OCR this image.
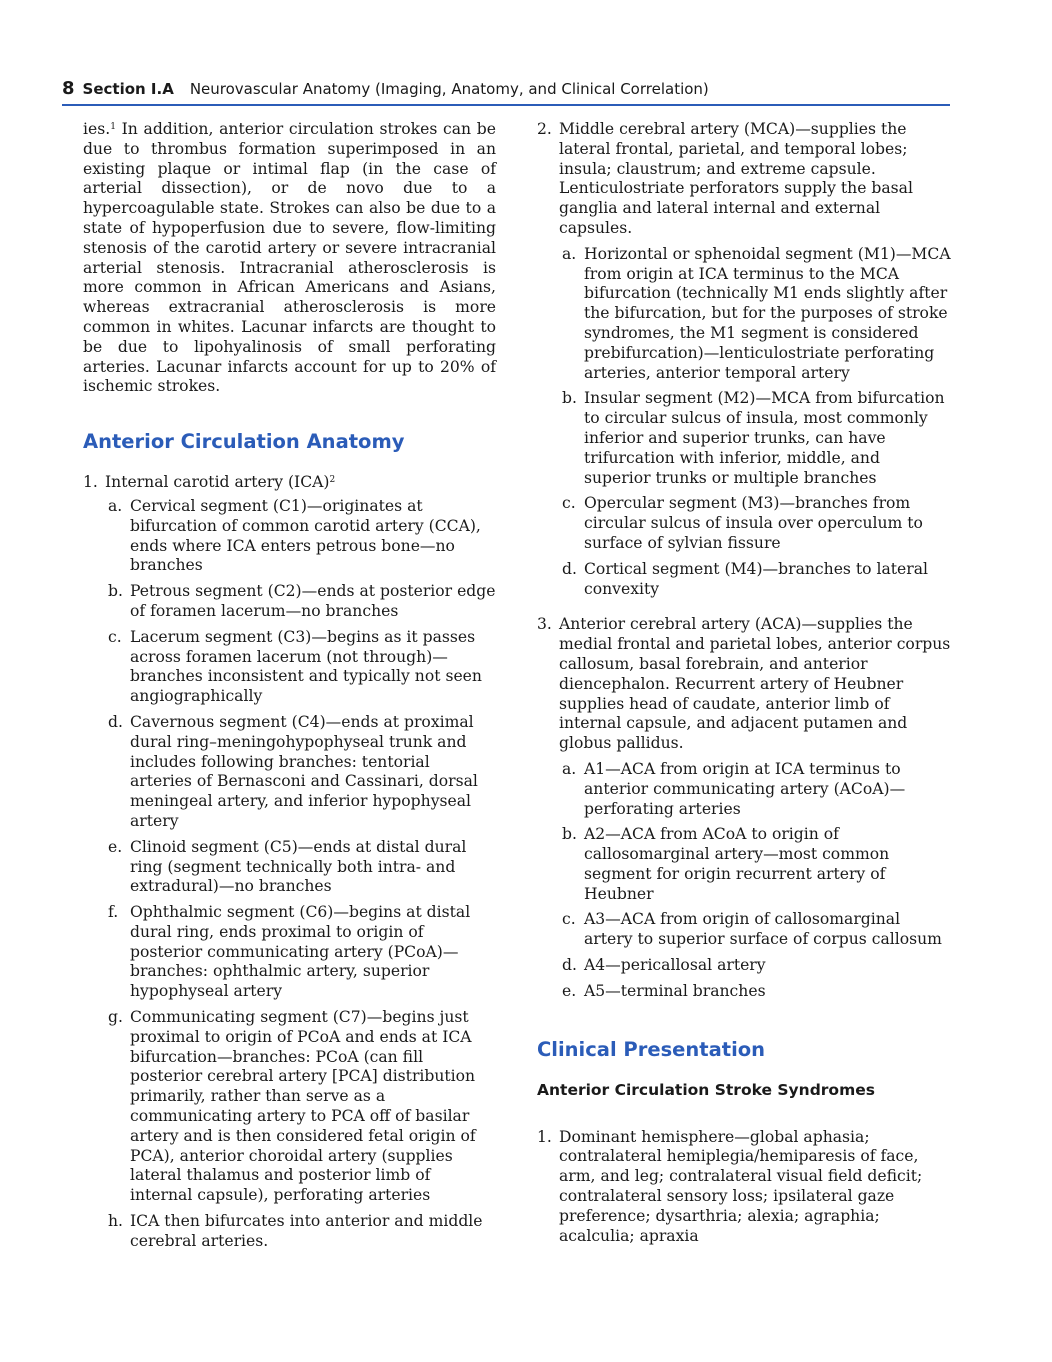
8 Section I.A Neurovascular Anatomy (Imaging, Anatomy, and Clinical Correlation)

ies.$^1$ In addition, anterior circulation strokes can be due to thrombus formation superimposed in an existing plaque or intimal flap (in the case of arterial dissection), or de novo due to a hypercoagulable state. Strokes can also be due to a state of hypoperfusion due to severe, flow-limiting stenosis of the carotid artery or severe intracranial arterial stenosis. Intracranial atherosclerosis is more common in African Americans and Asians, whereas extracranial atherosclerosis is more common in whites. Lacunar infarcts are thought to be due to lipohyalinosis of small perforating arteries. Lacunar infarcts account for up to 20% of ischemic strokes.

Anterior Circulation Anatomy
1. Internal carotid artery (ICA)$^2$
a. Cervical segment (C1)—originates at bifurcation of common carotid artery (CCA), ends where ICA enters petrous bone—no branches
b. Petrous segment (C2)—ends at posterior edge of foramen lacerum—no branches
c. Lacerum segment (C3)—begins as it passes across foramen lacerum (not through)—branches inconsistent and typically not seen angiographically
d. Cavernous segment (C4)—ends at proximal dural ring–meningohypophyseal trunk and includes following branches: tentorial arteries of Bernasconi and Cassinari, dorsal meningeal artery, and inferior hypophyseal artery
e. Clinoid segment (C5)—ends at distal dural ring (segment technically both intra- and extradural)—no branches
f. Ophthalmic segment (C6)—begins at distal dural ring, ends proximal to origin of posterior communicating artery (PCoA)—branches: ophthalmic artery, superior hypophyseal artery
g. Communicating segment (C7)—begins just proximal to origin of PCoA and ends at ICA bifurcation—branches: PCoA (can fill posterior cerebral artery [PCA] distribution primarily, rather than serve as a communicating artery to PCA off of basilar artery and is then considered fetal origin of PCA), anterior choroidal artery (supplies lateral thalamus and posterior limb of internal capsule), perforating arteries
h. ICA then bifurcates into anterior and middle cerebral arteries.
2. Middle cerebral artery (MCA)—supplies the lateral frontal, parietal, and temporal lobes; insula; claustrum; and extreme capsule. Lenticulostriate perforators supply the basal ganglia and lateral internal and external capsules.
a. Horizontal or sphenoidal segment (M1)—MCA from origin at ICA terminus to the MCA bifurcation (technically M1 ends slightly after the bifurcation, but for the purposes of stroke syndromes, the M1 segment is considered prebifurcation)—lenticulostriate perforating arteries, anterior temporal artery
b. Insular segment (M2)—MCA from bifurcation to circular sulcus of insula, most commonly inferior and superior trunks, can have trifurcation with inferior, middle, and superior trunks or multiple branches
c. Opercular segment (M3)—branches from circular sulcus of insula over operculum to surface of sylvian fissure
d. Cortical segment (M4)—branches to lateral convexity
3. Anterior cerebral artery (ACA)—supplies the medial frontal and parietal lobes, anterior corpus callosum, basal forebrain, and anterior diencephalon. Recurrent artery of Heubner supplies head of caudate, anterior limb of internal capsule, and adjacent putamen and globus pallidus.
a. A1—ACA from origin at ICA terminus to anterior communicating artery (ACoA)—perforating arteries
b. A2—ACA from ACoA to origin of callosomarginal artery—most common segment for origin recurrent artery of Heubner
c. A3—ACA from origin of callosomarginal artery to superior surface of corpus callosum
d. A4—pericallosal artery
e. A5—terminal branches
Clinical Presentation
Anterior Circulation Stroke Syndromes
1. Dominant hemisphere—global aphasia; contralateral hemiplegia/hemiparesis of face, arm, and leg; contralateral visual field deficit; contralateral sensory loss; ipsilateral gaze preference; dysarthria; alexia; agraphia; acalculia; apraxia
